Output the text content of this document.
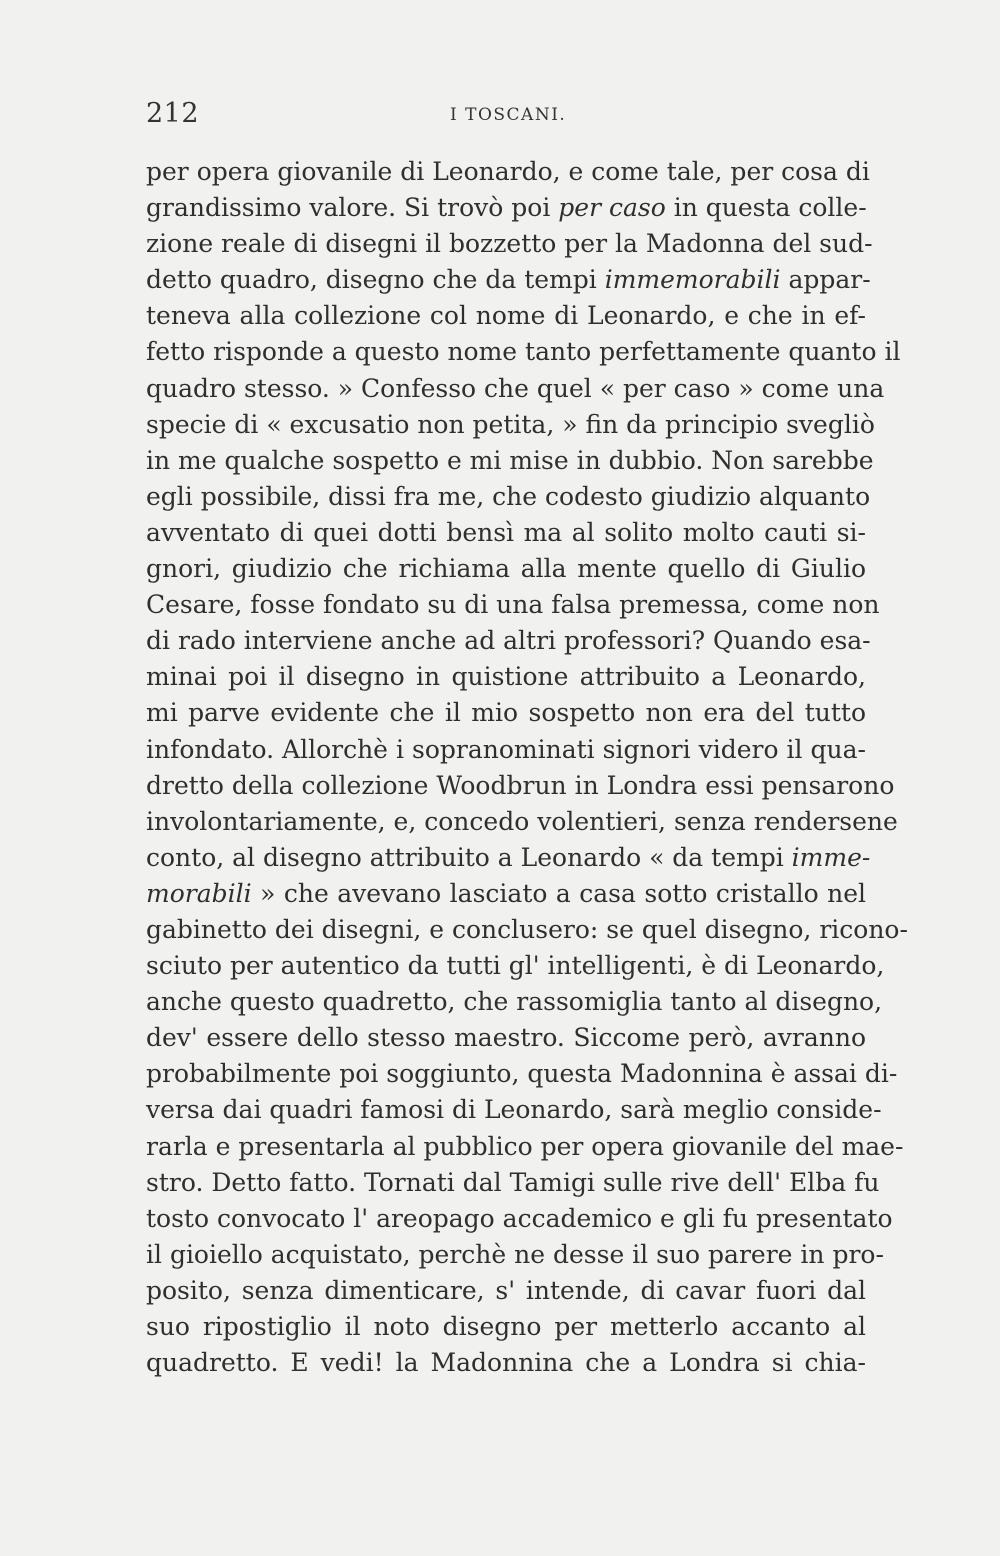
212	I TOSCANI.
per opera giovanile di Leonardo, e come tale, per cosa di
grandissimo valore. Si trovò poi per caso in questa colle-
zione reale di disegni il bozzetto per la Madonna del sud-
detto quadro, disegno che da tempi immemorabili appar-
teneva alla collezione col nome di Leonardo, e che in ef-
fetto risponde a questo nome tanto perfettamente quanto il
quadro stesso. » Confesso che quel « per caso » come una
specie di « excusatio non petita, » fin da principio svegliò
in me qualche sospetto e mi mise in dubbio. Non sarebbe
egli possibile, dissi fra me, che codesto giudizio alquanto
avventato di quei dotti bensì ma al solito molto cauti si-
gnori, giudizio che richiama alla mente quello di Giulio
Cesare, fosse fondato su di una falsa premessa, come non
di rado interviene anche ad altri professori? Quando esa-
minai poi il disegno in quistione attribuito a Leonardo,
mi parve evidente che il mio sospetto non era del tutto
infondato. Allorchè i sopranominati signori videro il qua-
dretto della collezione Woodbrun in Londra essi pensarono
involontariamente, e, concedo volentieri, senza rendersene
conto, al disegno attribuito a Leonardo « da tempi imme-
morabili » che avevano lasciato a casa sotto cristallo nel
gabinetto dei disegni, e conclusero: se quel disegno, ricono-
sciuto per autentico da tutti gl' intelligenti, è di Leonardo,
anche questo quadretto, che rassomiglia tanto al disegno,
dev' essere dello stesso maestro. Siccome però, avranno
probabilmente poi soggiunto, questa Madonnina è assai di-
versa dai quadri famosi di Leonardo, sarà meglio conside-
rarla e presentarla al pubblico per opera giovanile del mae-
stro. Detto fatto. Tornati dal Tamigi sulle rive dell' Elba fu
tosto convocato l' areopago accademico e gli fu presentato
il gioiello acquistato, perchè ne desse il suo parere in pro-
posito, senza dimenticare, s' intende, di cavar fuori dal
suo ripostiglio il noto disegno per metterlo accanto al
quadretto. E vedi! la Madonnina che a Londra si chia-
